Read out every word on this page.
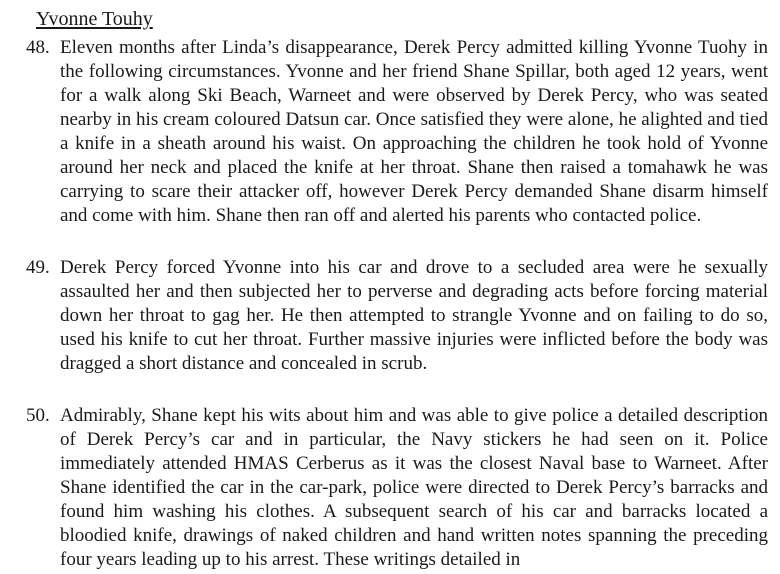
Yvonne Touhy
48. Eleven months after Linda’s disappearance, Derek Percy admitted killing Yvonne Tuohy in the following circumstances. Yvonne and her friend Shane Spillar, both aged 12 years, went for a walk along Ski Beach, Warneet and were observed by Derek Percy, who was seated nearby in his cream coloured Datsun car. Once satisfied they were alone, he alighted and tied a knife in a sheath around his waist. On approaching the children he took hold of Yvonne around her neck and placed the knife at her throat. Shane then raised a tomahawk he was carrying to scare their attacker off, however Derek Percy demanded Shane disarm himself and come with him. Shane then ran off and alerted his parents who contacted police.
49. Derek Percy forced Yvonne into his car and drove to a secluded area were he sexually assaulted her and then subjected her to perverse and degrading acts before forcing material down her throat to gag her. He then attempted to strangle Yvonne and on failing to do so, used his knife to cut her throat. Further massive injuries were inflicted before the body was dragged a short distance and concealed in scrub.
50. Admirably, Shane kept his wits about him and was able to give police a detailed description of Derek Percy’s car and in particular, the Navy stickers he had seen on it. Police immediately attended HMAS Cerberus as it was the closest Naval base to Warneet. After Shane identified the car in the car-park, police were directed to Derek Percy’s barracks and found him washing his clothes. A subsequent search of his car and barracks located a bloodied knife, drawings of naked children and hand written notes spanning the preceding four years leading up to his arrest. These writings detailed in
